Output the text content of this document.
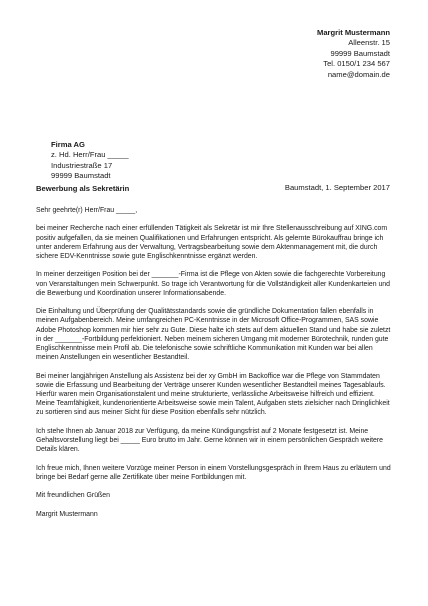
Margrit Mustermann
Alleenstr. 15
99999 Baumstadt
Tel. 0150/1 234 567
name@domain.de
Firma AG
z. Hd. Herr/Frau _____
Industriestraße 17
99999 Baumstadt
Baumstadt, 1. September 2017
Bewerbung als Sekretärin

Sehr geehrte(r) Herr/Frau _____,

bei meiner Recherche nach einer erfüllenden Tätigkeit als Sekretär ist mir Ihre Stellenausschreibung auf XING.com positiv aufgefallen, da sie meinen Qualifikationen und Erfahrungen entspricht. Als gelernte Bürokauffrau bringe ich unter anderem Erfahrung aus der Verwaltung, Vertragsbearbeitung sowie dem Aktenmanagement mit, die durch sichere EDV-Kenntnisse sowie gute Englischkenntnisse ergänzt werden.

In meiner derzeitigen Position bei der _______-Firma ist die Pflege von Akten sowie die fachgerechte Vorbereitung von Veranstaltungen mein Schwerpunkt. So trage ich Verantwortung für die Vollständigkeit aller Kundenkarteien und die Bewerbung und Koordination unserer Informationsabende.

Die Einhaltung und Überprüfung der Qualitätsstandards sowie die gründliche Dokumentation fallen ebenfalls in meinen Aufgabenbereich. Meine umfangreichen PC-Kenntnisse in der Microsoft Office-Programmen, SAS sowie Adobe Photoshop kommen mir hier sehr zu Gute. Diese halte ich stets auf dem aktuellen Stand und habe sie zuletzt in der _______-Fortbildung perfektioniert. Neben meinem sicheren Umgang mit moderner Bürotechnik, runden gute Englischkenntnisse mein Profil ab. Die telefonische sowie schriftliche Kommunikation mit Kunden war bei allen meinen Anstellungen ein wesentlicher Bestandteil.

Bei meiner langjährigen Anstellung als Assistenz bei der xy GmbH im Backoffice war die Pflege von Stammdaten sowie die Erfassung und Bearbeitung der Verträge unserer Kunden wesentlicher Bestandteil meines Tagesablaufs. Hierfür waren mein Organisationstalent und meine strukturierte, verlässliche Arbeitsweise hilfreich und effizient. Meine Teamfähigkeit, kundenorientierte Arbeitsweise sowie mein Talent, Aufgaben stets zielsicher nach Dringlichkeit zu sortieren sind aus meiner Sicht für diese Position ebenfalls sehr nützlich.

Ich stehe Ihnen ab Januar 2018 zur Verfügung, da meine Kündigungsfrist auf 2 Monate festgesetzt ist. Meine Gehaltsvorstellung liegt bei _____ Euro brutto im Jahr. Gerne können wir in einem persönlichen Gespräch weitere Details klären.

Ich freue mich, Ihnen weitere Vorzüge meiner Person in einem Vorstellungsgespräch in Ihrem Haus zu erläutern und bringe bei Bedarf gerne alle Zertifikate über meine Fortbildungen mit.

Mit freundlichen Grüßen

Margrit Mustermann
